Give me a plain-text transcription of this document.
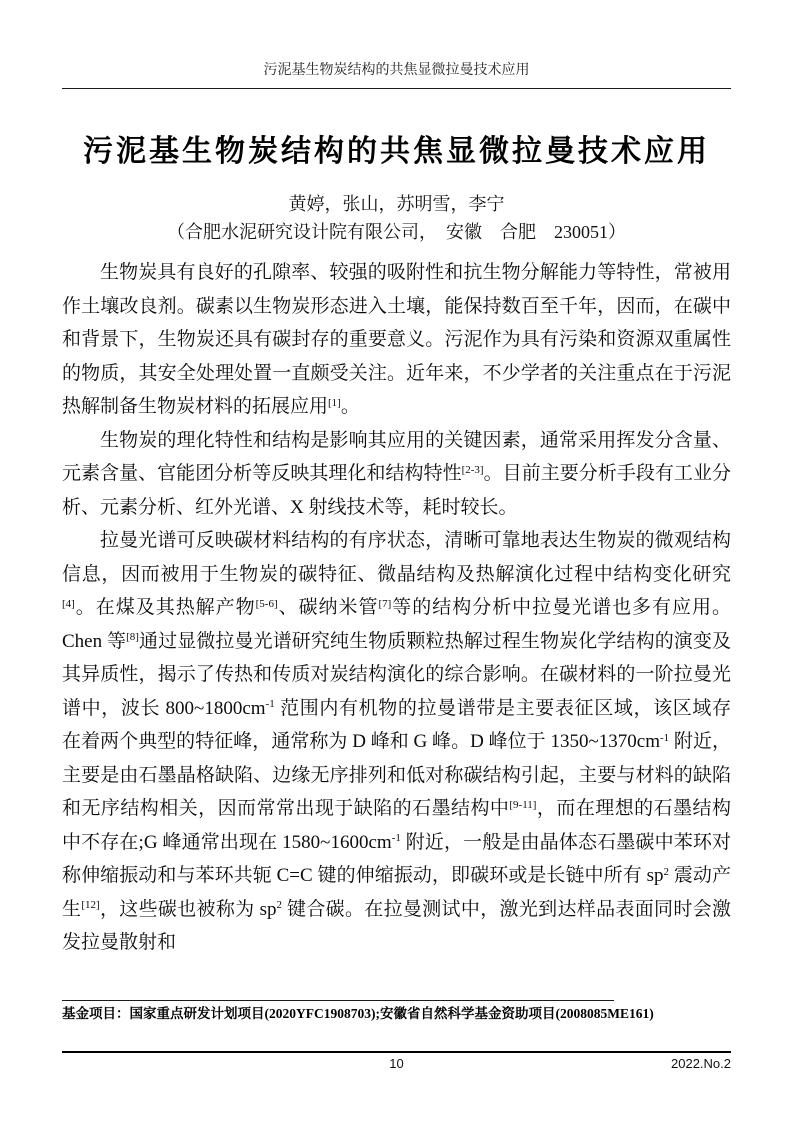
污泥基生物炭结构的共焦显微拉曼技术应用
污泥基生物炭结构的共焦显微拉曼技术应用
黄婷，张山，苏明雪，李宁
（合肥水泥研究设计院有限公司，　安徽　合肥　230051）

生物炭具有良好的孔隙率、较强的吸附性和抗生物分解能力等特性，常被用作土壤改良剂。碳素以生物炭形态进入土壤，能保持数百至千年，因而，在碳中和背景下，生物炭还具有碳封存的重要意义。污泥作为具有污染和资源双重属性的物质，其安全处理处置一直颇受关注。近年来，不少学者的关注重点在于污泥热解制备生物炭材料的拓展应用[1]。

生物炭的理化特性和结构是影响其应用的关键因素，通常采用挥发分含量、元素含量、官能团分析等反映其理化和结构特性[2-3]。目前主要分析手段有工业分析、元素分析、红外光谱、X 射线技术等，耗时较长。

拉曼光谱可反映碳材料结构的有序状态，清晰可靠地表达生物炭的微观结构信息，因而被用于生物炭的碳特征、微晶结构及热解演化过程中结构变化研究[4]。在煤及其热解产物[5-6]、碳纳米管[7]等的结构分析中拉曼光谱也多有应用。Chen 等[8]通过显微拉曼光谱研究纯生物质颗粒热解过程生物炭化学结构的演变及其异质性，揭示了传热和传质对炭结构演化的综合影响。在碳材料的一阶拉曼光谱中，波长 $800\sim 1800cm^{-1}$ 范围内有机物的拉曼谱带是主要表征区域，该区域存在着两个典型的特征峰，通常称为 D 峰和 G 峰。D 峰位于 $1350\sim 1370cm^{-1}$ 附近，主要是由石墨晶格缺陷、边缘无序排列和低对称碳结构引起，主要与材料的缺陷和无序结构相关，因而常常出现于缺陷的石墨结构中[9-11]，而在理想的石墨结构中不存在;G 峰通常出现在 $1580\sim 1600cm^{-1}$ 附近，一般是由晶体态石墨碳中苯环对称伸缩振动和与苯环共轭 C=C 键的伸缩振动，即碳环或是长链中所有 $sp^2$ 震动产生[12]，这些碳也被称为 $sp^2$ 键合碳。在拉曼测试中，激光到达样品表面同时会激发拉曼散射和

基金项目：国家重点研发计划项目(2020YFC1908703);安徽省自然科学基金资助项目(2008085ME161)
10	2022.No.2
